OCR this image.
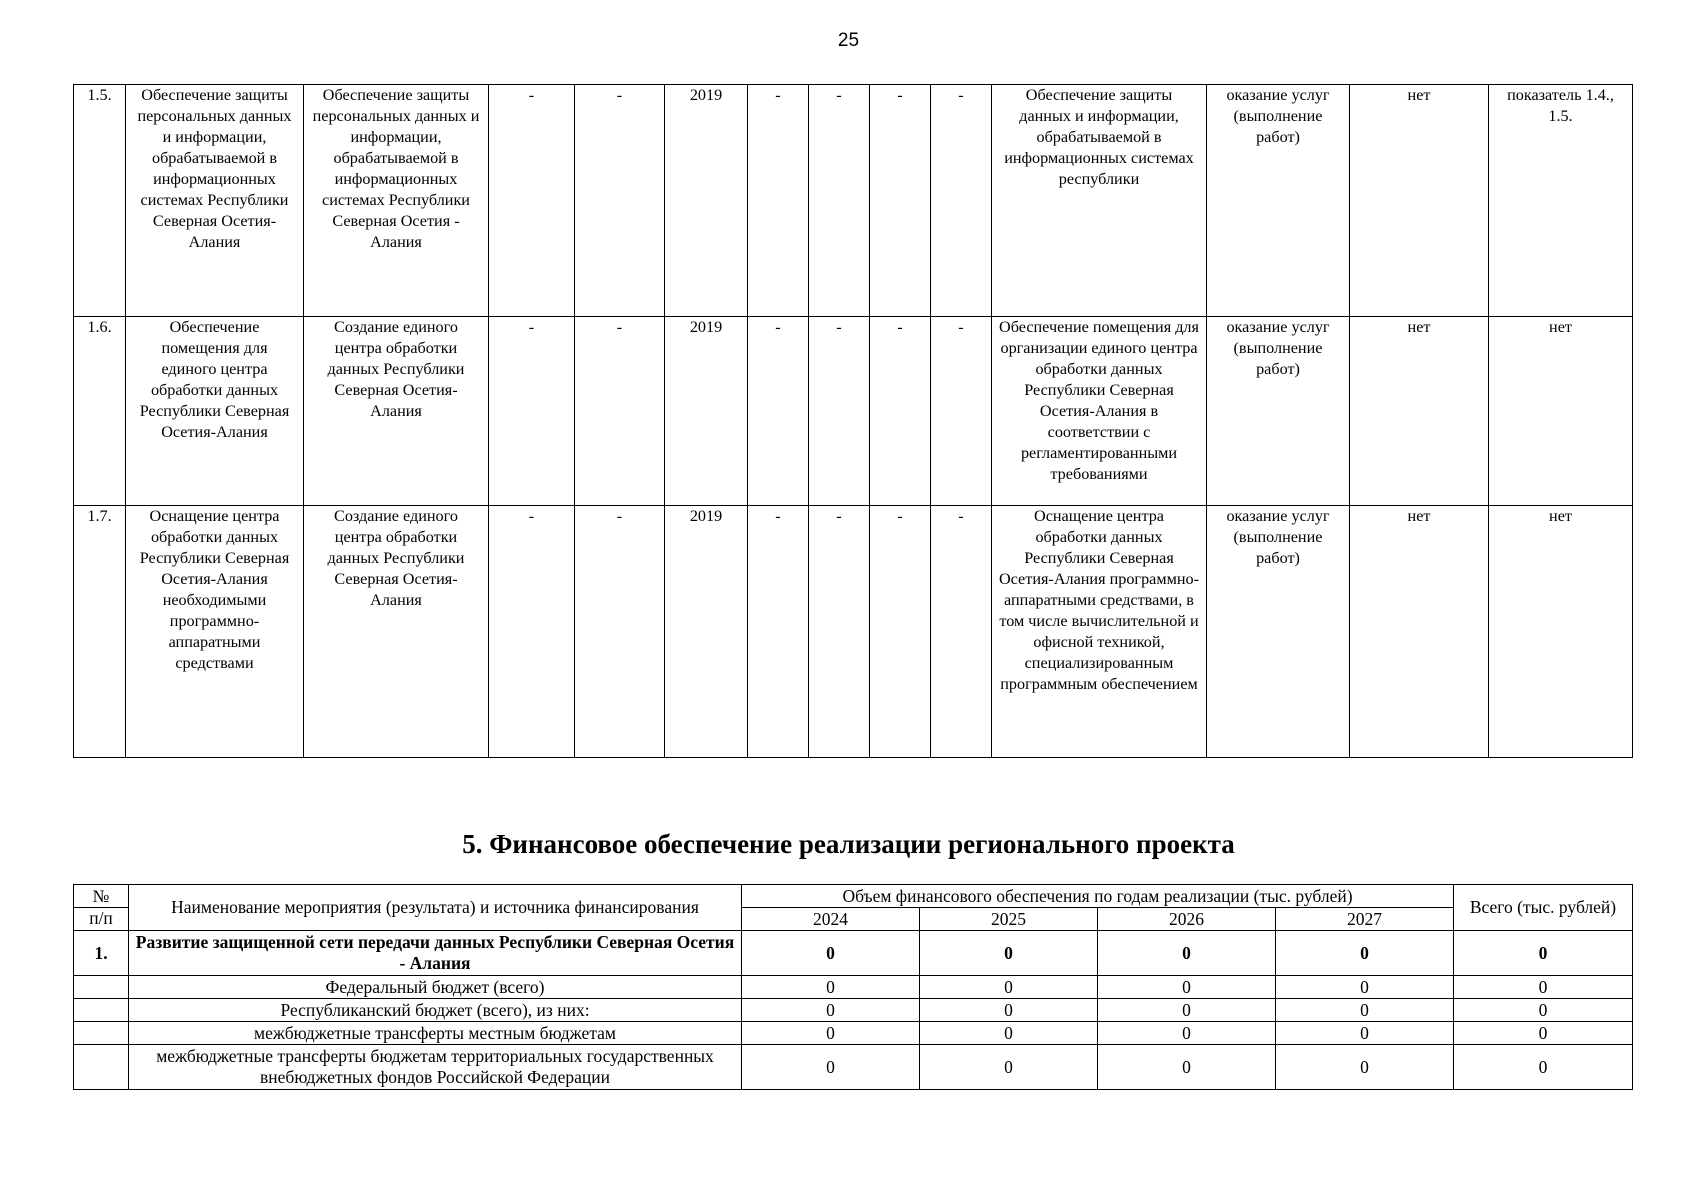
25
1.5.	Обеспечение защиты персональных данных и информации, обрабатываемой в информационных системах Республики Северная Осетия-Алания	Обеспечение защиты персональных данных и информации, обрабатываемой в информационных системах Республики Северная Осетия - Алания	-	-	2019	-	-	-	-	Обеспечение защиты данных и информации, обрабатываемой в информационных системах республики	оказание услуг (выполнение работ)	нет	показатель 1.4., 1.5.
1.6.	Обеспечение помещения для единого центра обработки данных Республики Северная Осетия-Алания	Создание единого центра обработки данных Республики Северная Осетия-Алания	-	-	2019	-	-	-	-	Обеспечение помещения для организации единого центра обработки данных Республики Северная Осетия-Алания в соответствии с регламентированными требованиями	оказание услуг (выполнение работ)	нет	нет
1.7.	Оснащение центра обработки данных Республики Северная Осетия-Алания необходимыми программно-аппаратными средствами	Создание единого центра обработки данных Республики Северная Осетия-Алания	-	-	2019	-	-	-	-	Оснащение центра обработки данных Республики Северная Осетия-Алания программно-аппаратными средствами, в том числе вычислительной и офисной техникой, специализированным программным обеспечением	оказание услуг (выполнение работ)	нет	нет
5. Финансовое обеспечение реализации регионального проекта
№	Наименование мероприятия (результата) и источника финансирования	Объем финансового обеспечения по годам реализации (тыс. рублей)				Всего (тыс. рублей)
п/п		2024	2025	2026	2027	
1.	Развитие защищенной сети передачи данных Республики Северная Осетия - Алания	0	0	0	0	0
	Федеральный бюджет (всего)	0	0	0	0	0
	Республиканский бюджет (всего), из них:	0	0	0	0	0
	межбюджетные трансферты местным бюджетам	0	0	0	0	0
	межбюджетные трансферты бюджетам территориальных государственных внебюджетных фондов Российской Федерации	0	0	0	0	0
